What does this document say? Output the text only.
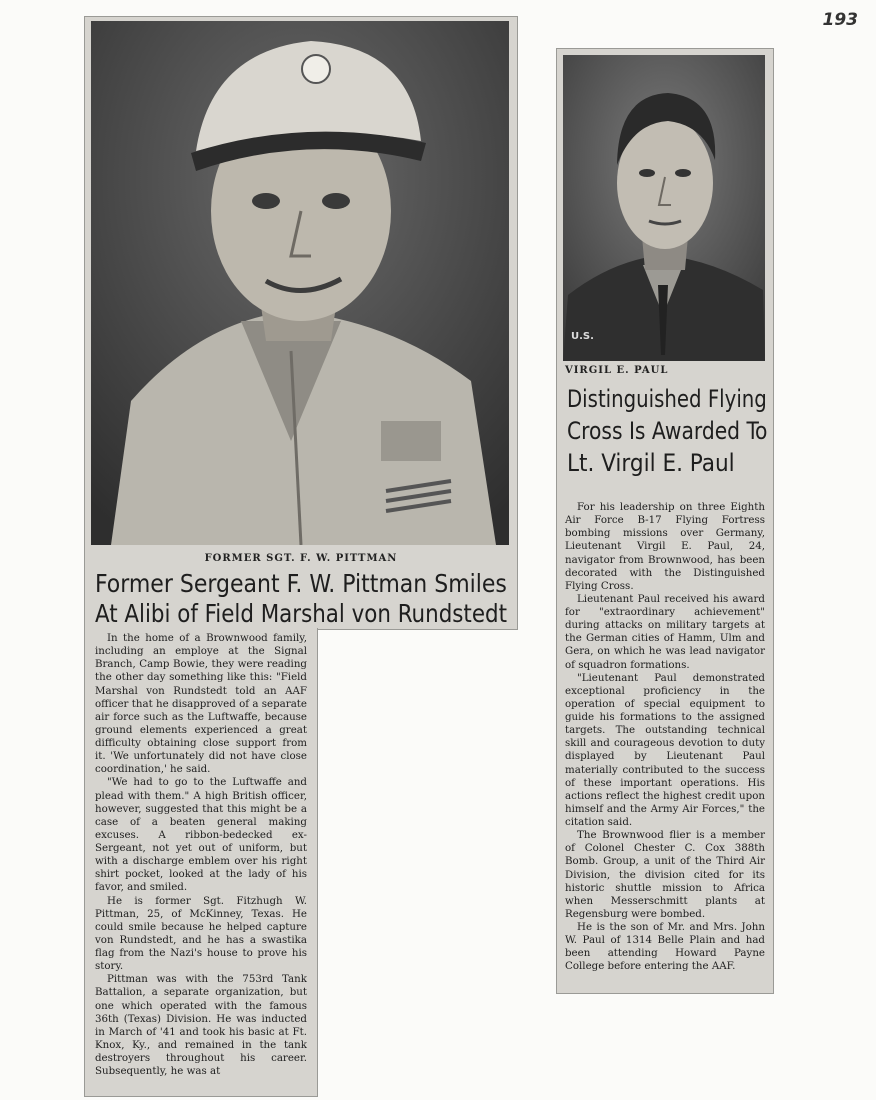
193
FORMER SGT. F. W. PITTMAN
Former Sergeant F. W. Pittman Smiles
At Alibi of Field Marshal von Rundstedt

In the home of a Brownwood family, including an employe at the Signal Branch, Camp Bowie, they were reading the other day something like this: "Field Marshal von Rundstedt told an AAF officer that he disapproved of a separate air force such as the Luftwaffe, because ground elements experienced a great difficulty obtaining close support from it. 'We unfortunately did not have close coordination,' he said.

"We had to go to the Luftwaffe and plead with them." A high British officer, however, suggested that this might be a case of a beaten general making excuses. A ribbon-bedecked ex-Sergeant, not yet out of uniform, but with a discharge emblem over his right shirt pocket, looked at the lady of his favor, and smiled.

He is former Sgt. Fitzhugh W. Pittman, 25, of McKinney, Texas. He could smile because he helped capture von Rundstedt, and he has a swastika flag from the Nazi's house to prove his story.

Pittman was with the 753rd Tank Battalion, a separate organization, but one which operated with the famous 36th (Texas) Division. He was inducted in March of '41 and took his basic at Ft. Knox, Ky., and remained in the tank destroyers throughout his career. Subsequently, he was at

U.S.
VIRGIL E. PAUL
Distinguished Flying
Cross Is Awarded To
Lt. Virgil E. Paul

For his leadership on three Eighth Air Force B-17 Flying Fortress bombing missions over Germany, Lieutenant Virgil E. Paul, 24, navigator from Brownwood, has been decorated with the Distinguished Flying Cross.

Lieutenant Paul received his award for "extraordinary achievement" during attacks on military targets at the German cities of Hamm, Ulm and Gera, on which he was lead navigator of squadron formations.

"Lieutenant Paul demonstrated exceptional proficiency in the operation of special equipment to guide his formations to the assigned targets. The outstanding technical skill and courageous devotion to duty displayed by Lieutenant Paul materially contributed to the success of these important operations. His actions reflect the highest credit upon himself and the Army Air Forces," the citation said.

The Brownwood flier is a member of Colonel Chester C. Cox 388th Bomb. Group, a unit of the Third Air Division, the division cited for its historic shuttle mission to Africa when Messerschmitt plants at Regensburg were bombed.

He is the son of Mr. and Mrs. John W. Paul of 1314 Belle Plain and had been attending Howard Payne College before entering the AAF.
